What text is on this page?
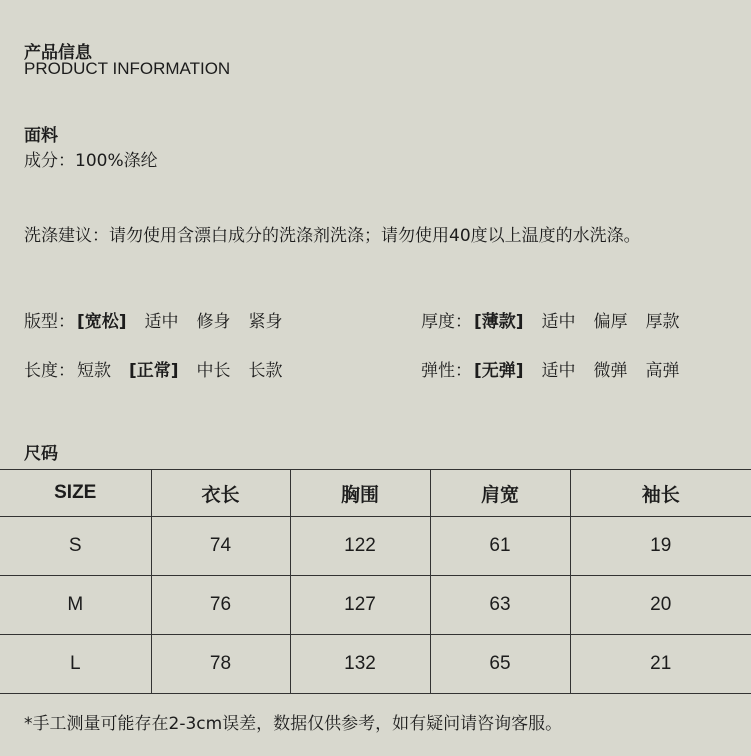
产品信息
PRODUCT INFORMATION
面料
成分：100%涤纶
洗涤建议：请勿使用含漂白成分的洗涤剂洗涤；请勿使用40度以上温度的水洗涤。
版型： [宽松] 适中 修身 紧身	厚度： [薄款] 适中 偏厚 厚款
长度： 短款 [正常] 中长 长款	弹性： [无弹] 适中 微弹 高弹
尺码
SIZE	衣长	胸围	肩宽	袖长
S	74	122	61	19
M	76	127	63	20
L	78	132	65	21
*手工测量可能存在2-3cm误差，数据仅供参考，如有疑问请咨询客服。
